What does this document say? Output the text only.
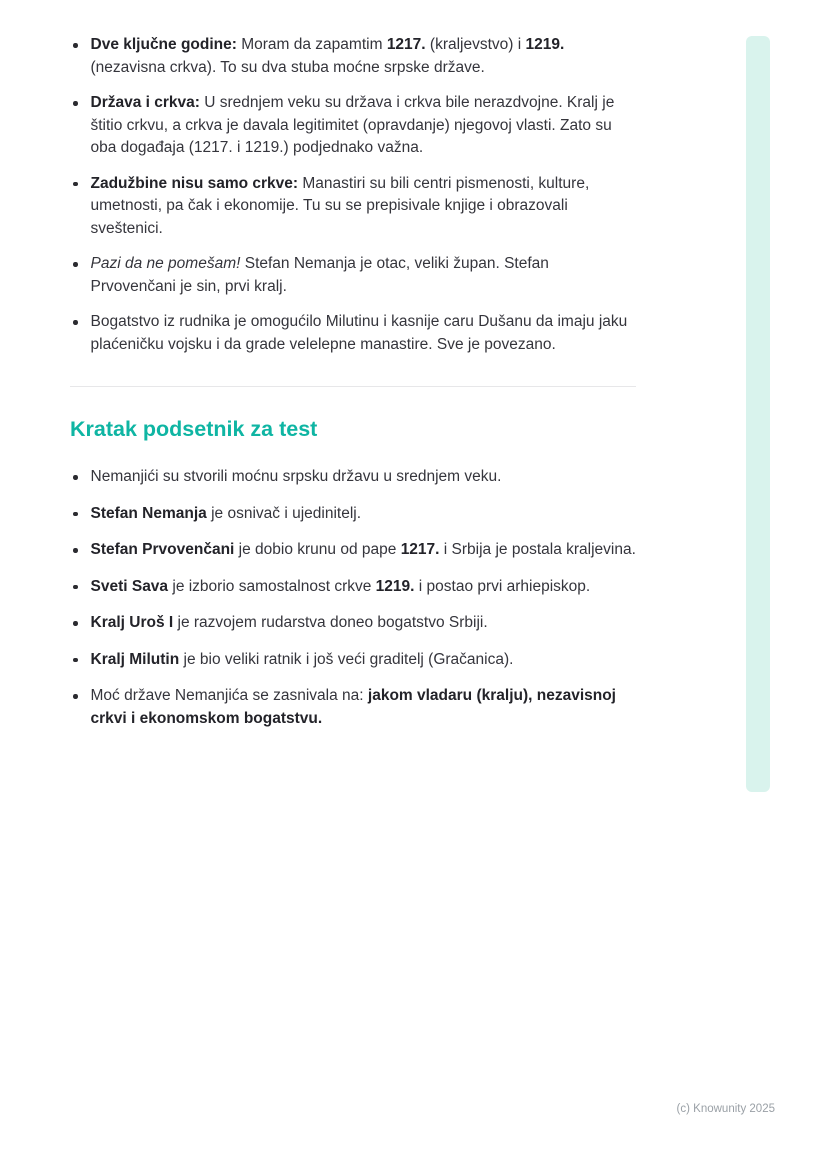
Dve ključne godine: Moram da zapamtim 1217. (kraljevstvo) i 1219. (nezavisna crkva). To su dva stuba moćne srpske države.
Država i crkva: U srednjem veku su država i crkva bile nerazdvojne. Kralj je štitio crkvu, a crkva je davala legitimitet (opravdanje) njegovoj vlasti. Zato su oba događaja (1217. i 1219.) podjednako važna.
Zadužbine nisu samo crkve: Manastiri su bili centri pismenosti, kulture, umetnosti, pa čak i ekonomije. Tu su se prepisivale knjige i obrazovali sveštenici.
Pazi da ne pomešam! Stefan Nemanja je otac, veliki župan. Stefan Prvovenčani je sin, prvi kralj.
Bogatstvo iz rudnika je omogućilo Milutinu i kasnije caru Dušanu da imaju jaku plaćeničku vojsku i da grade velelepne manastire. Sve je povezano.
Kratak podsetnik za test
Nemanjići su stvorili moćnu srpsku državu u srednjem veku.
Stefan Nemanja je osnivač i ujedinitelj.
Stefan Prvovenčani je dobio krunu od pape 1217. i Srbija je postala kraljevina.
Sveti Sava je izborio samostalnost crkve 1219. i postao prvi arhiepiskop.
Kralj Uroš I je razvojem rudarstva doneo bogatstvo Srbiji.
Kralj Milutin je bio veliki ratnik i još veći graditelj (Gračanica).
Moć države Nemanjića se zasnivala na: jakom vladaru (kralju), nezavisnoj crkvi i ekonomskom bogatstvu.
(c) Knowunity 2025
